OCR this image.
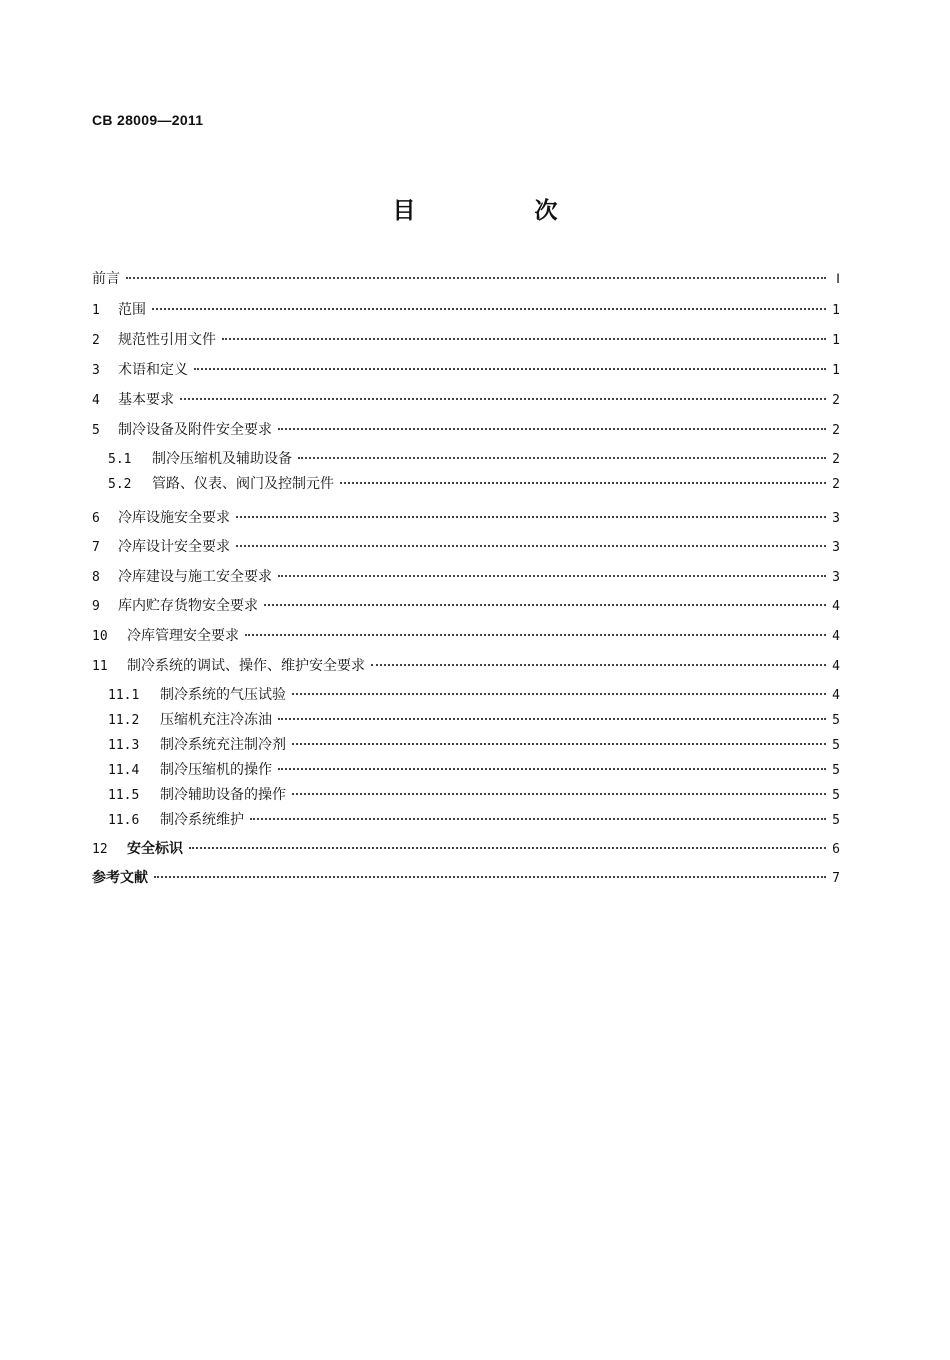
CB 28009—2011
目　次
前言	Ⅰ
1	范围	1
2	规范性引用文件	1
3	术语和定义	1
4	基本要求	2
5	制冷设备及附件安全要求	2
5.1	制冷压缩机及辅助设备	2
5.2	管路、仪表、阀门及控制元件	2
6	冷库设施安全要求	3
7	冷库设计安全要求	3
8	冷库建设与施工安全要求	3
9	库内贮存货物安全要求	4
10	冷库管理安全要求	4
11	制冷系统的调试、操作、维护安全要求	4
11.1	制冷系统的气压试验	4
11.2	压缩机充注冷冻油	5
11.3	制冷系统充注制冷剂	5
11.4	制冷压缩机的操作	5
11.5	制冷辅助设备的操作	5
11.6	制冷系统维护	5
12	安全标识	6
参考文献	7
